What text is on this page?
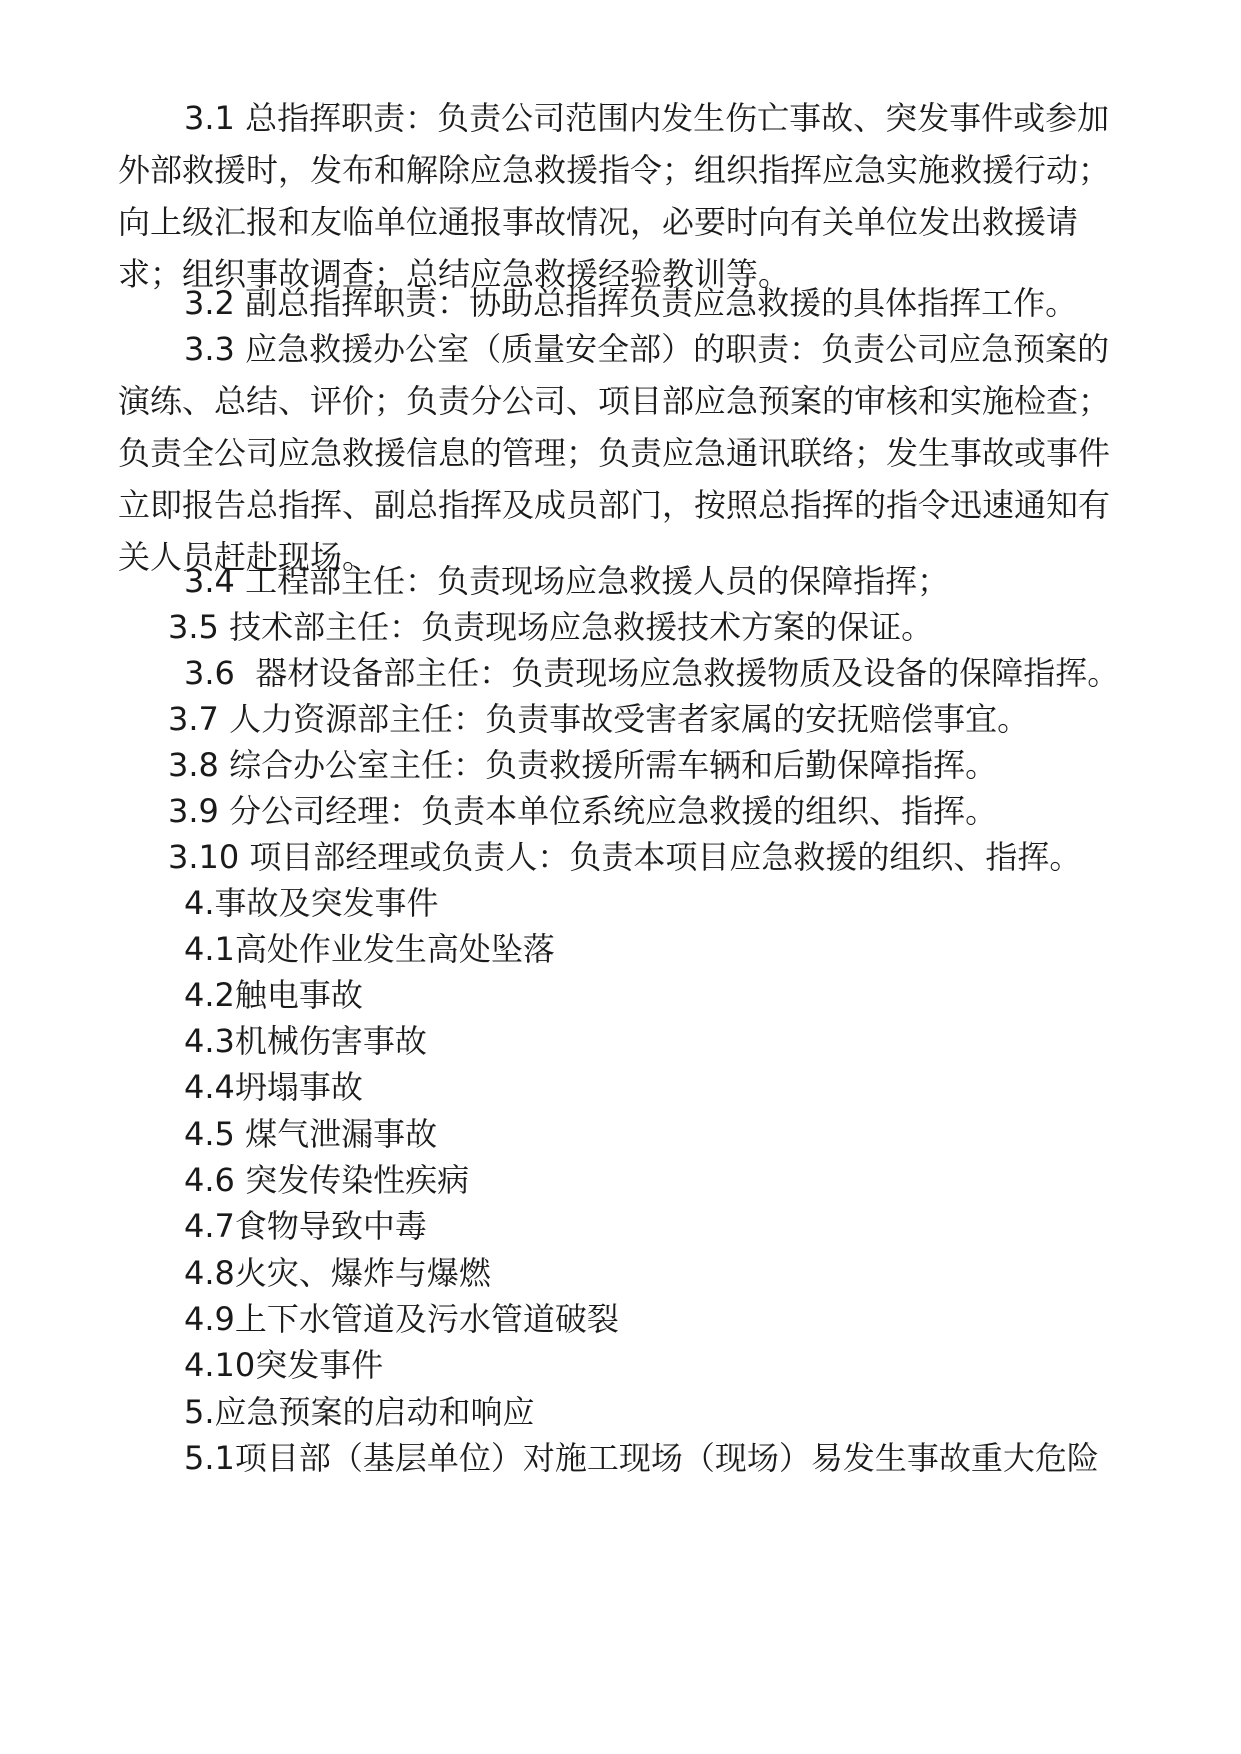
3.1 总指挥职责：负责公司范围内发生伤亡事故、突发事件或参加外部救援时，发布和解除应急救援指令；组织指挥应急实施救援行动；向上级汇报和友临单位通报事故情况，必要时向有关单位发出救援请求；组织事故调查；总结应急救援经验教训等。

3.2 副总指挥职责：协助总指挥负责应急救援的具体指挥工作。

3.3 应急救援办公室（质量安全部）的职责：负责公司应急预案的演练、总结、评价；负责分公司、项目部应急预案的审核和实施检查；负责全公司应急救援信息的管理；负责应急通讯联络；发生事故或事件立即报告总指挥、副总指挥及成员部门，按照总指挥的指令迅速通知有关人员赶赴现场。

3.4 工程部主任：负责现场应急救援人员的保障指挥；

3.5 技术部主任：负责现场应急救援技术方案的保证。

3.6  器材设备部主任：负责现场应急救援物质及设备的保障指挥。

3.7 人力资源部主任：负责事故受害者家属的安抚赔偿事宜。

3.8 综合办公室主任：负责救援所需车辆和后勤保障指挥。

3.9 分公司经理：负责本单位系统应急救援的组织、指挥。

3.10 项目部经理或负责人：负责本项目应急救援的组织、指挥。

4.事故及突发事件

4.1高处作业发生高处坠落

4.2触电事故

4.3机械伤害事故

4.4坍塌事故

4.5 煤气泄漏事故

4.6 突发传染性疾病

4.7食物导致中毒

4.8火灾、爆炸与爆燃

4.9上下水管道及污水管道破裂

4.10突发事件

5.应急预案的启动和响应

5.1项目部（基层单位）对施工现场（现场）易发生事故重大危险
